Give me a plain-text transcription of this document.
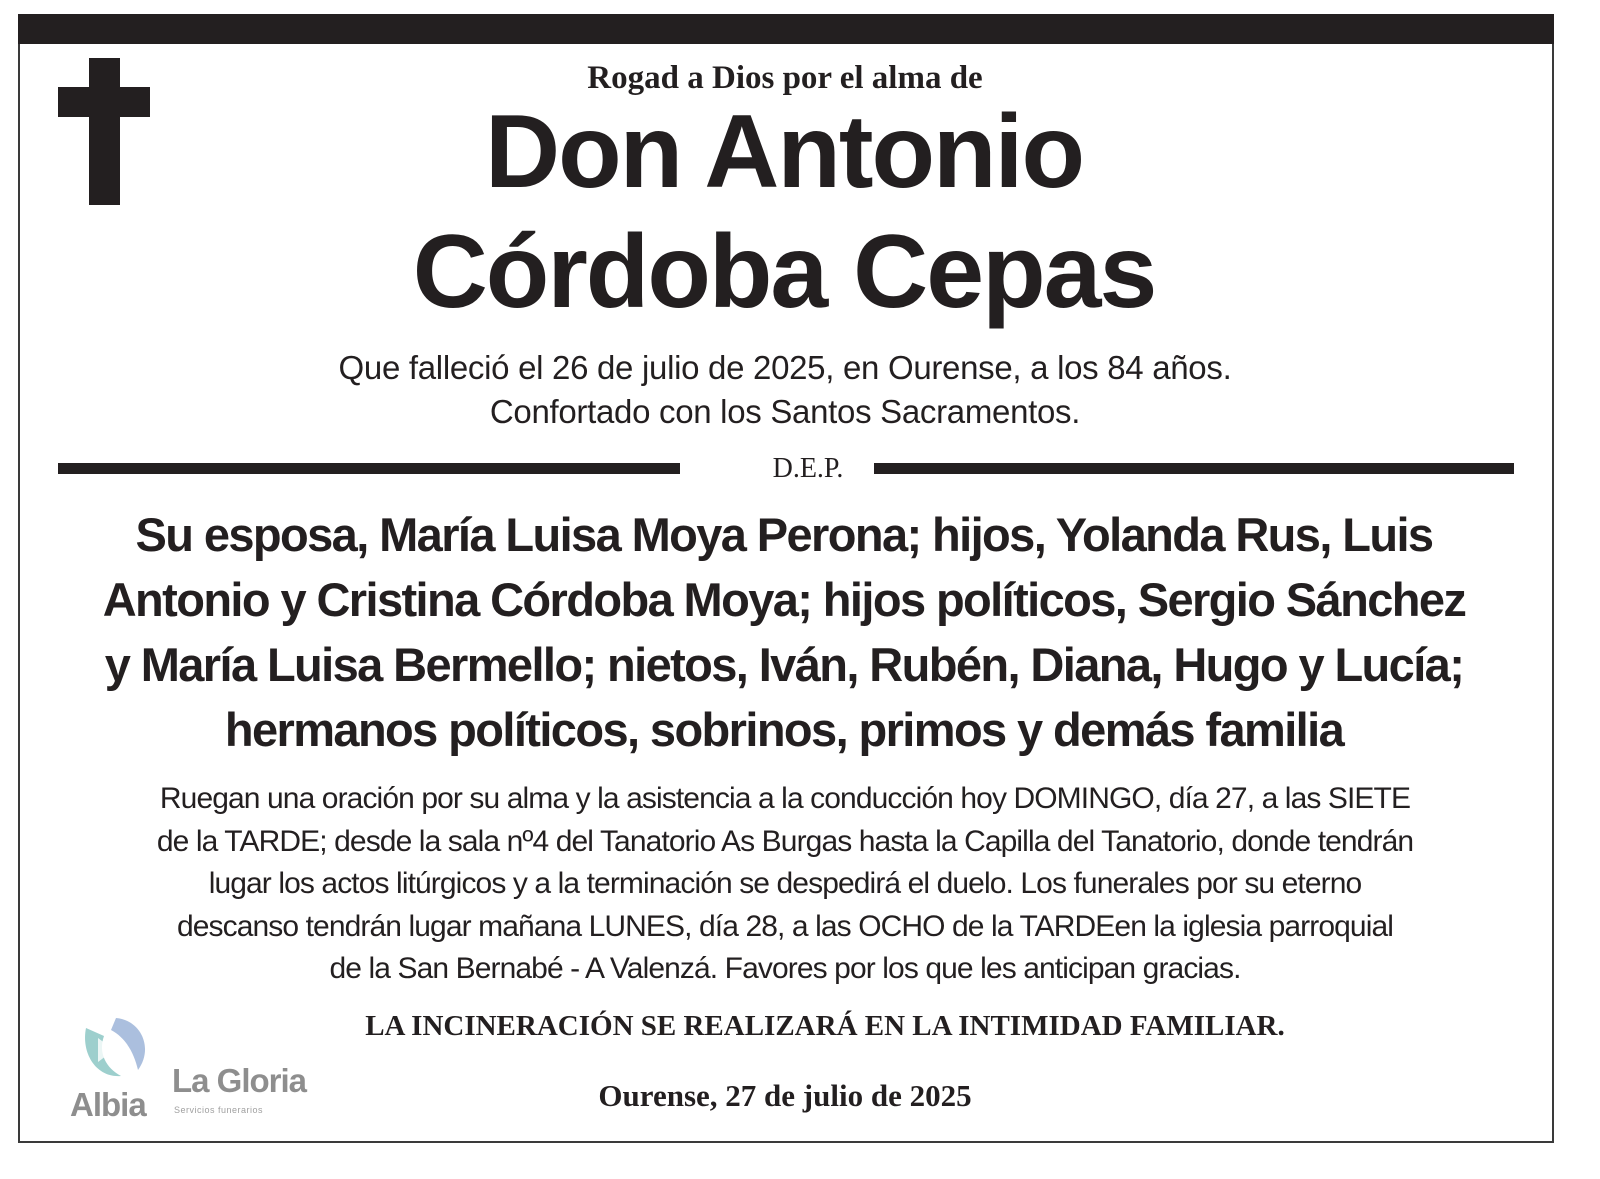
Rogad a Dios por el alma de
Don Antonio
Córdoba Cepas
Que falleció el 26 de julio de 2025, en Ourense, a los 84 años.
Confortado con los Santos Sacramentos.
D.E.P.
Su esposa, María Luisa Moya Perona; hijos, Yolanda Rus, Luis
Antonio y Cristina Córdoba Moya; hijos políticos, Sergio Sánchez
y María Luisa Bermello; nietos, Iván, Rubén, Diana, Hugo y Lucía;
hermanos políticos, sobrinos, primos y demás familia
Ruegan una oración por su alma y la asistencia a la conducción hoy DOMINGO, día 27, a las SIETE
de la TARDE; desde la sala nº4 del Tanatorio As Burgas hasta la Capilla del Tanatorio, donde tendrán
lugar los actos litúrgicos y a la terminación se despedirá el duelo. Los funerales por su eterno
descanso tendrán lugar mañana LUNES, día 28, a las OCHO de la TARDEen la iglesia parroquial
de la San Bernabé - A Valenzá. Favores por los que les anticipan gracias.
Albia
La Gloria
Servicios funerarios
LA INCINERACIÓN SE REALIZARÁ EN LA INTIMIDAD FAMILIAR.
Ourense, 27 de julio de 2025
